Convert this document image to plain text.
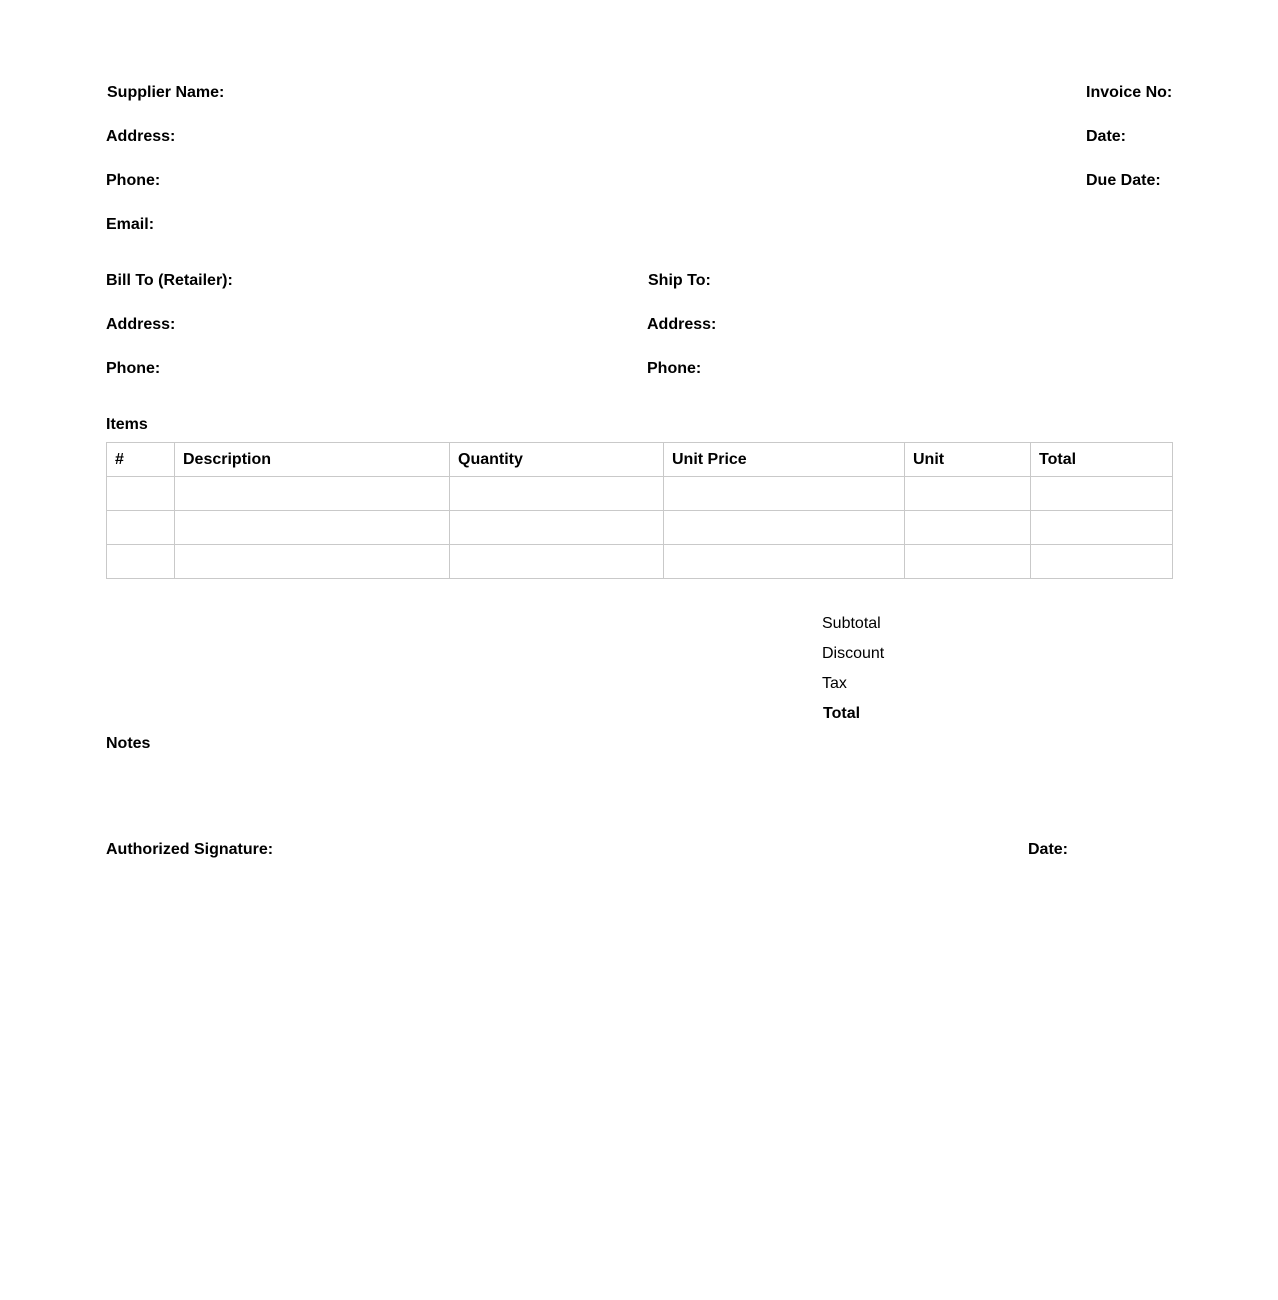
Supplier Name:
Address:
Phone:
Email:
Invoice No:
Date:
Due Date:
Bill To (Retailer):
Address:
Phone:
Ship To:
Address:
Phone:
Items
#	Description	Quantity	Unit Price	Unit	Total

Subtotal
Discount
Tax
Total
Notes
Authorized Signature:	Date:
